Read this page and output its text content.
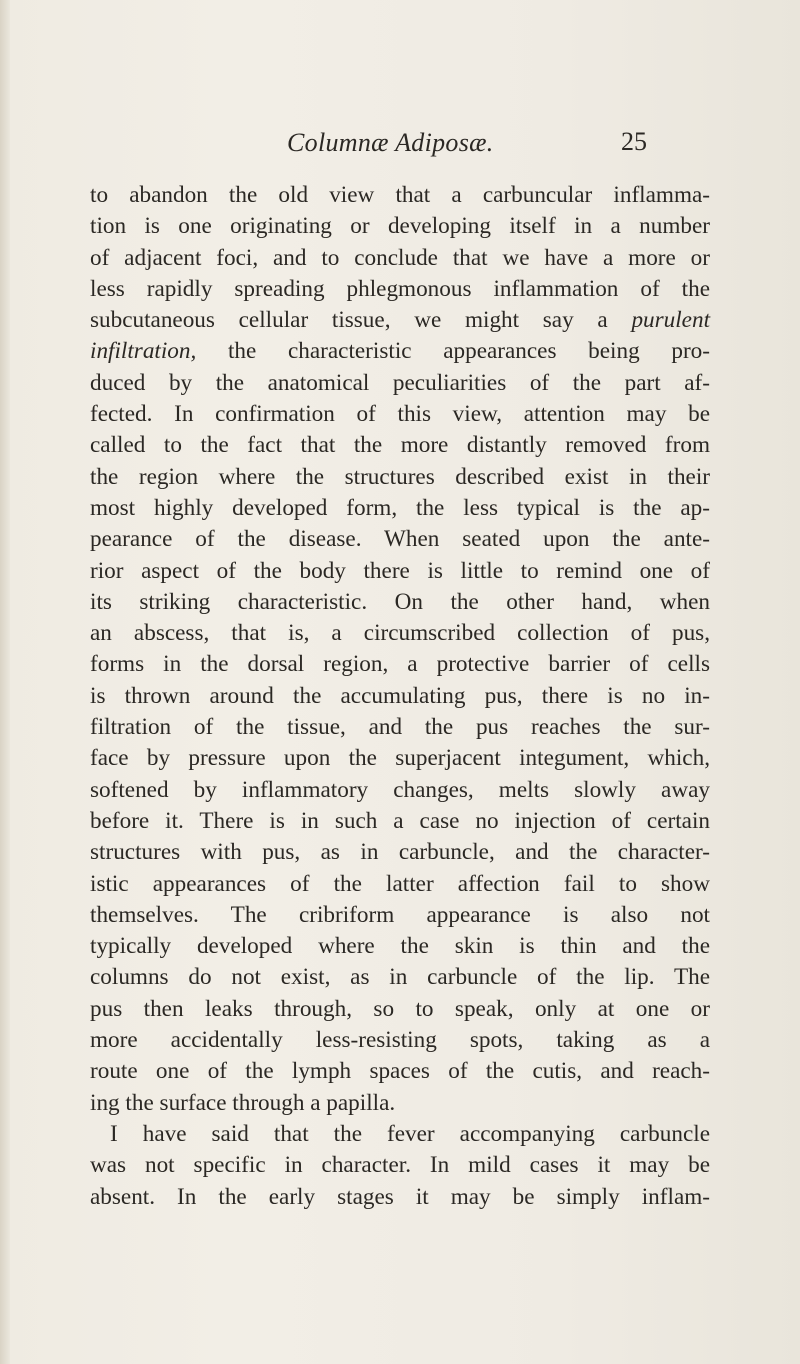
Columnæ Adiposæ.	25
to abandon the old view that a carbuncular inflamma-
tion is one originating or developing itself in a number
of adjacent foci, and to conclude that we have a more or
less rapidly spreading phlegmonous inflammation of the
subcutaneous cellular tissue, we might say a purulent
infiltration, the characteristic appearances being pro-
duced by the anatomical peculiarities of the part af-
fected. In confirmation of this view, attention may be
called to the fact that the more distantly removed from
the region where the structures described exist in their
most highly developed form, the less typical is the ap-
pearance of the disease. When seated upon the ante-
rior aspect of the body there is little to remind one of
its striking characteristic. On the other hand, when
an abscess, that is, a circumscribed collection of pus,
forms in the dorsal region, a protective barrier of cells
is thrown around the accumulating pus, there is no in-
filtration of the tissue, and the pus reaches the sur-
face by pressure upon the superjacent integument, which,
softened by inflammatory changes, melts slowly away
before it. There is in such a case no injection of certain
structures with pus, as in carbuncle, and the character-
istic appearances of the latter affection fail to show
themselves. The cribriform appearance is also not
typically developed where the skin is thin and the
columns do not exist, as in carbuncle of the lip. The
pus then leaks through, so to speak, only at one or
more accidentally less-resisting spots, taking as a
route one of the lymph spaces of the cutis, and reach-
ing the surface through a papilla.
I have said that the fever accompanying carbuncle
was not specific in character. In mild cases it may be
absent. In the early stages it may be simply inflam-
